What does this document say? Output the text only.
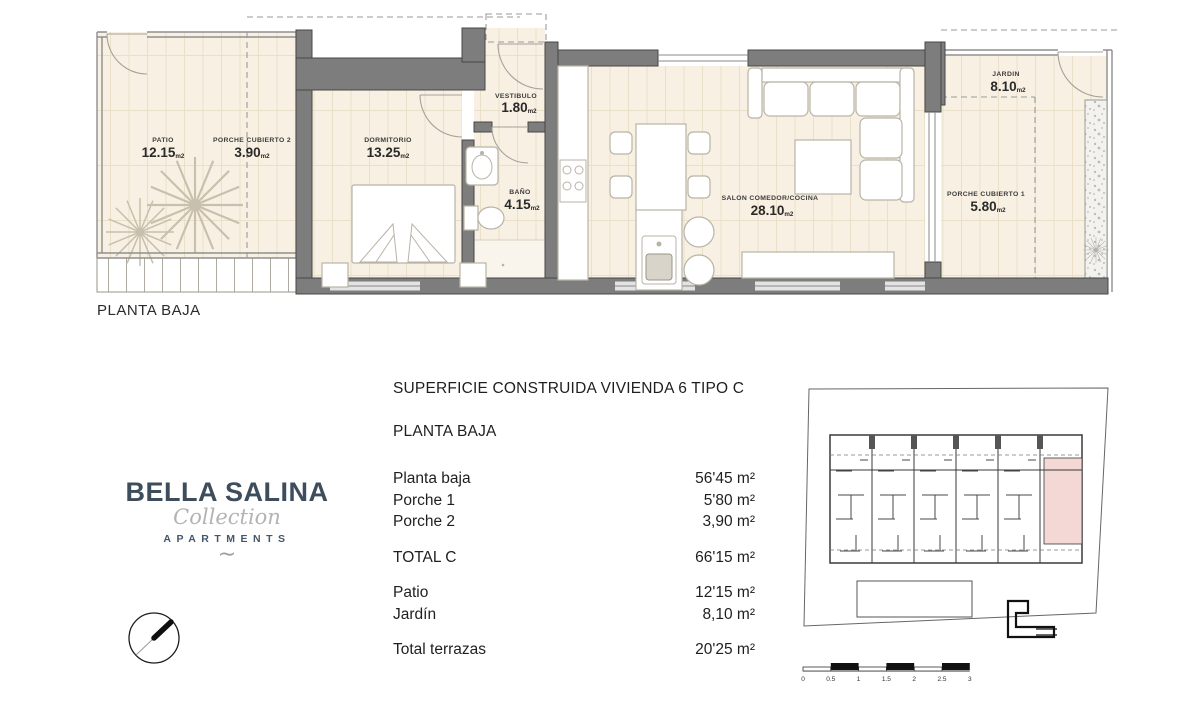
PATIO
12.15m2
PORCHE CUBIERTO 2
3.90m2
DORMITORIO
13.25m2
VESTIBULO
1.80m2
BAÑO
4.15m2
SALON COMEDOR/COCINA
28.10m2
JARDIN
8.10m2
PORCHE CUBIERTO 1
5.80m2
PLANTA BAJA
BELLA SALINA
Collection
APARTMENTS
∼
SUPERFICIE CONSTRUIDA VIVIENDA 6 TIPO C
PLANTA BAJA
Planta baja	56'45 m²
Porche 1	5'80 m²
Porche 2	3,90 m²
TOTAL C	66'15 m²
Patio	12'15 m²
Jardín	8,10 m²
Total terrazas	20'25 m²
0	0.5	1	1.5	2	2.5	3
